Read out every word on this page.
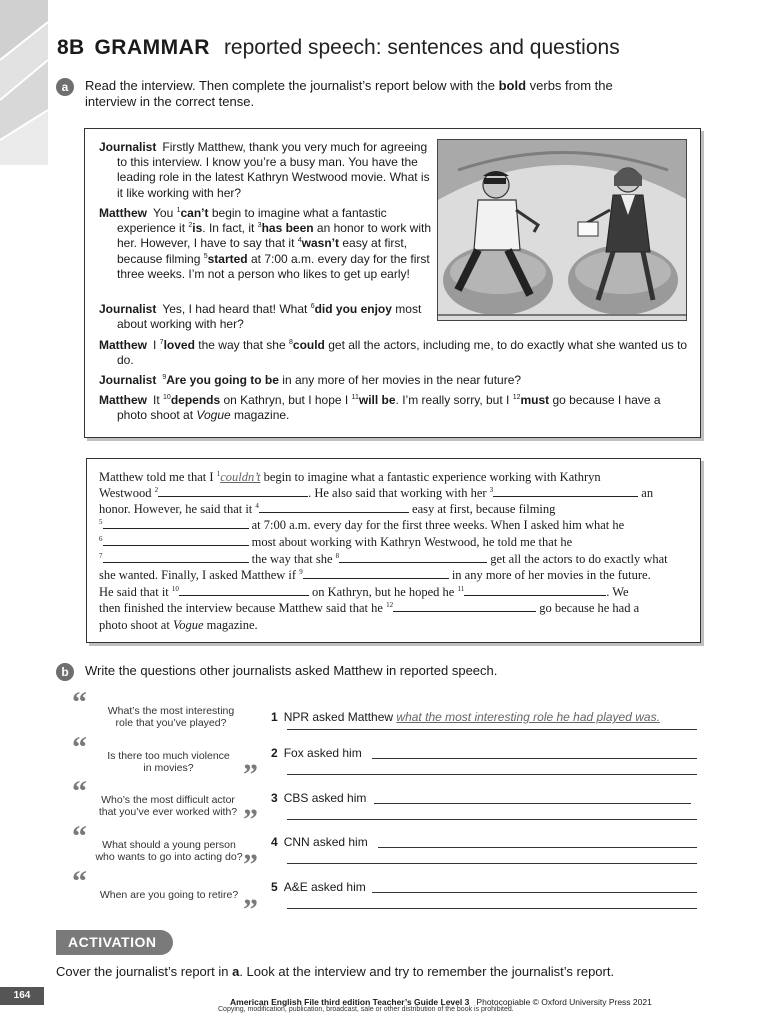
8B GRAMMAR reported speech: sentences and questions
a	Read the interview. Then complete the journalist’s report below with the bold verbs from the
interview in the correct tense.
Journalist Firstly Matthew, thank you very much for agreeing to this interview. I know you’re a busy man. You have the leading role in the latest Kathryn Westwood movie. What is it like working with her?
Matthew You $^1$can’t begin to imagine what a fantastic experience it $^2$is. In fact, it $^3$has been an honor to work with her. However, I have to say that it $^4$wasn’t easy at first, because filming $^5$started at 7:00 a.m. every day for the first three weeks. I’m not a person who likes to get up early!
Journalist Yes, I had heard that! What $^6$did you enjoy most about working with her?
Matthew I $^7$loved the way that she $^8$could get all the actors, including me, to do exactly what she wanted us to do.
Journalist $^9$Are you going to be in any more of her movies in the near future?
Matthew It $^{10}$depends on Kathryn, but I hope I $^{11}$will be. I’m really sorry, but I $^{12}$must go because I have a photo shoot at Vogue magazine.
Matthew told me that I $^1$couldn’t begin to imagine what a fantastic experience working with Kathryn
Westwood $^2$	. He also said that working with her $^3$	an
honor. However, he said that it $^4$	easy at first, because filming
$^5$	at 7:00 a.m. every day for the first three weeks. When I asked him what he
$^6$	most about working with Kathryn Westwood, he told me that he
$^7$	the way that she $^8$	get all the actors to do exactly what
she wanted. Finally, I asked Matthew if $^9$	in any more of her movies in the future.
He said that it $^{10}$	on Kathryn, but he hoped he $^{11}$	. We
then finished the interview because Matthew said that he $^{12}$	go because he had a
photo shoot at Vogue magazine.
b	Write the questions other journalists asked Matthew in reported speech.
“	What’s the most interesting
role that you’ve played?
“	Is there too much violence
in movies?	”
“	Who’s the most difficult actor
that you’ve ever worked with? ”
“	What should a young person
who wants to go into acting do? ”
“	When are you going to retire? ”
1 NPR asked Matthew what the most interesting role he had played was.
2 Fox asked him
3 CBS asked him
4 CNN asked him
5 A&E asked him
ACTIVATION
Cover the journalist’s report in a. Look at the interview and try to remember the journalist’s report.
164
American English File third edition Teacher’s Guide Level 3 Photocopiable © Oxford University Press 2021
Copying, modification, publication, broadcast, sale or other distribution of the book is prohibited.
